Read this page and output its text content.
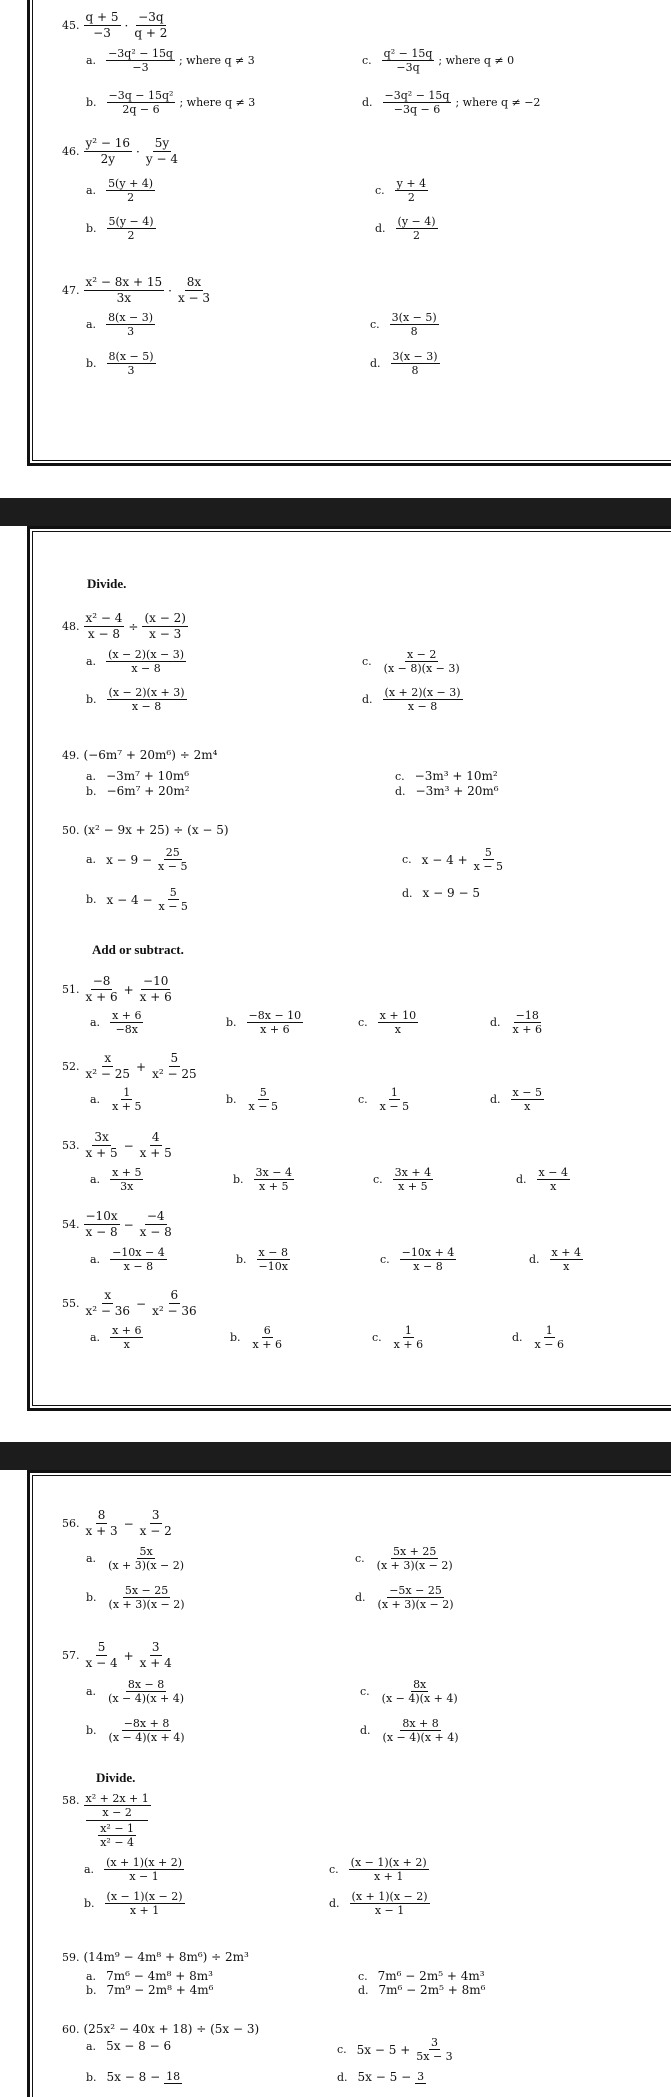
45. $\frac{q + 5}{-3} \cdot \frac{-3q}{q + 2}$
a. $\frac{\text{−3q² − 15q}}{-3}$ ; where q ≠ 3
b. $\frac{\text{−3q − 15q²}}{2q - 6}$ ; where q ≠ 3
c. $\frac{\text{q² − 15q}}{-3q}$ ; where q ≠ 0
d. $\frac{\text{−3q² − 15q}}{-3q - 6}$ ; where q ≠ −2
46. $\frac{\text{y² − 16}}{2y} \cdot \frac{5y}{y - 4}$
a. $\frac{5(y + 4)}{2}$
b. $\frac{5(y - 4)}{2}$
c. $\frac{y + 4}{2}$
d. $\frac{(y - 4)}{2}$
47. $\frac{\text{x² − 8x + 15}}{3x} \cdot \frac{8x}{x - 3}$
a. $\frac{8(x - 3)}{3}$
b. $\frac{8(x - 5)}{3}$
c. $\frac{3(x - 5)}{8}$
d. $\frac{3(x - 3)}{8}$
Divide.
48. $\frac{\text{x² − 4}}{x - 8} \div \frac{(x - 2)}{x - 3}$
a. $\frac{(x - 2)(x - 3)}{x - 8}$
b. $\frac{(x - 2)(x + 3)}{x - 8}$
c. $\frac{x - 2}{(x - 8)(x - 3)}$
d. $\frac{(x + 2)(x - 3)}{x - 8}$
49. (−6m⁷ + 20m⁶) ÷ 2m⁴
a. −3m⁷ + 10m⁶
b. −6m⁷ + 20m²
c. −3m³ + 10m²
d. −3m³ + 20m⁶
50. (x² − 9x + 25) ÷ (x − 5)
a. $x - 9 - \frac{25}{x - 5}$
b. $x - 4 - \frac{5}{x - 5}$
c. $x - 4 + \frac{5}{x - 5}$
d. x − 9 − 5
Add or subtract.
51. $\frac{-8}{x + 6} + \frac{-10}{x + 6}$
a. $\frac{x + 6}{-8x}$	b. $\frac{-8x - 10}{x + 6}$	c. $\frac{x + 10}{x}$	d. $\frac{-18}{x + 6}$
52. $\frac{x}{\text{x² − 25}} + \frac{5}{\text{x² − 25}}$
a. $\frac{1}{x + 5}$	b. $\frac{5}{x - 5}$	c. $\frac{1}{x - 5}$	d. $\frac{x - 5}{x}$
53. $\frac{3x}{x + 5} - \frac{4}{x + 5}$
a. $\frac{x + 5}{3x}$	b. $\frac{3x - 4}{x + 5}$	c. $\frac{3x + 4}{x + 5}$	d. $\frac{x - 4}{x}$
54. $\frac{-10x}{x - 8} - \frac{-4}{x - 8}$
a. $\frac{-10x - 4}{x - 8}$	b. $\frac{x - 8}{-10x}$	c. $\frac{-10x + 4}{x - 8}$	d. $\frac{x + 4}{x}$
55. $\frac{x}{\text{x² − 36}} - \frac{6}{\text{x² − 36}}$
a. $\frac{x + 6}{x}$	b. $\frac{6}{x + 6}$	c. $\frac{1}{x + 6}$	d. $\frac{1}{x - 6}$
56. $\frac{8}{x + 3} - \frac{3}{x - 2}$
a. $\frac{5x}{(x + 3)(x - 2)}$
b. $\frac{5x - 25}{(x + 3)(x - 2)}$
c. $\frac{5x + 25}{(x + 3)(x - 2)}$
d. $\frac{-5x - 25}{(x + 3)(x - 2)}$
57. $\frac{5}{x - 4} + \frac{3}{x + 4}$
a. $\frac{8x - 8}{(x - 4)(x + 4)}$
b. $\frac{-8x + 8}{(x - 4)(x + 4)}$
c. $\frac{8x}{(x - 4)(x + 4)}$
d. $\frac{8x + 8}{(x - 4)(x + 4)}$
Divide.
58. $\frac{\text{x² + 2x + 1}}{x - 2}$
$\frac{\text{x² − 1}}{\text{x² − 4}}$
a. $\frac{(x + 1)(x + 2)}{x - 1}$
b. $\frac{(x - 1)(x - 2)}{x + 1}$
c. $\frac{(x - 1)(x + 2)}{x + 1}$
d. $\frac{(x + 1)(x - 2)}{x - 1}$
59. (14m⁹ − 4m⁸ + 8m⁶) ÷ 2m³
a. 7m⁶ − 4m⁸ + 8m³
b. 7m⁹ − 2m⁸ + 4m⁶
c. 7m⁶ − 2m⁵ + 4m³
d. 7m⁶ − 2m⁵ + 8m⁶
60. (25x² − 40x + 18) ÷ (5x − 3)
a. 5x − 8 − 6
b. 5x − 8 − 18
c. $5x - 5 + \frac{3}{5x - 3}$
d. 5x − 5 − 3
